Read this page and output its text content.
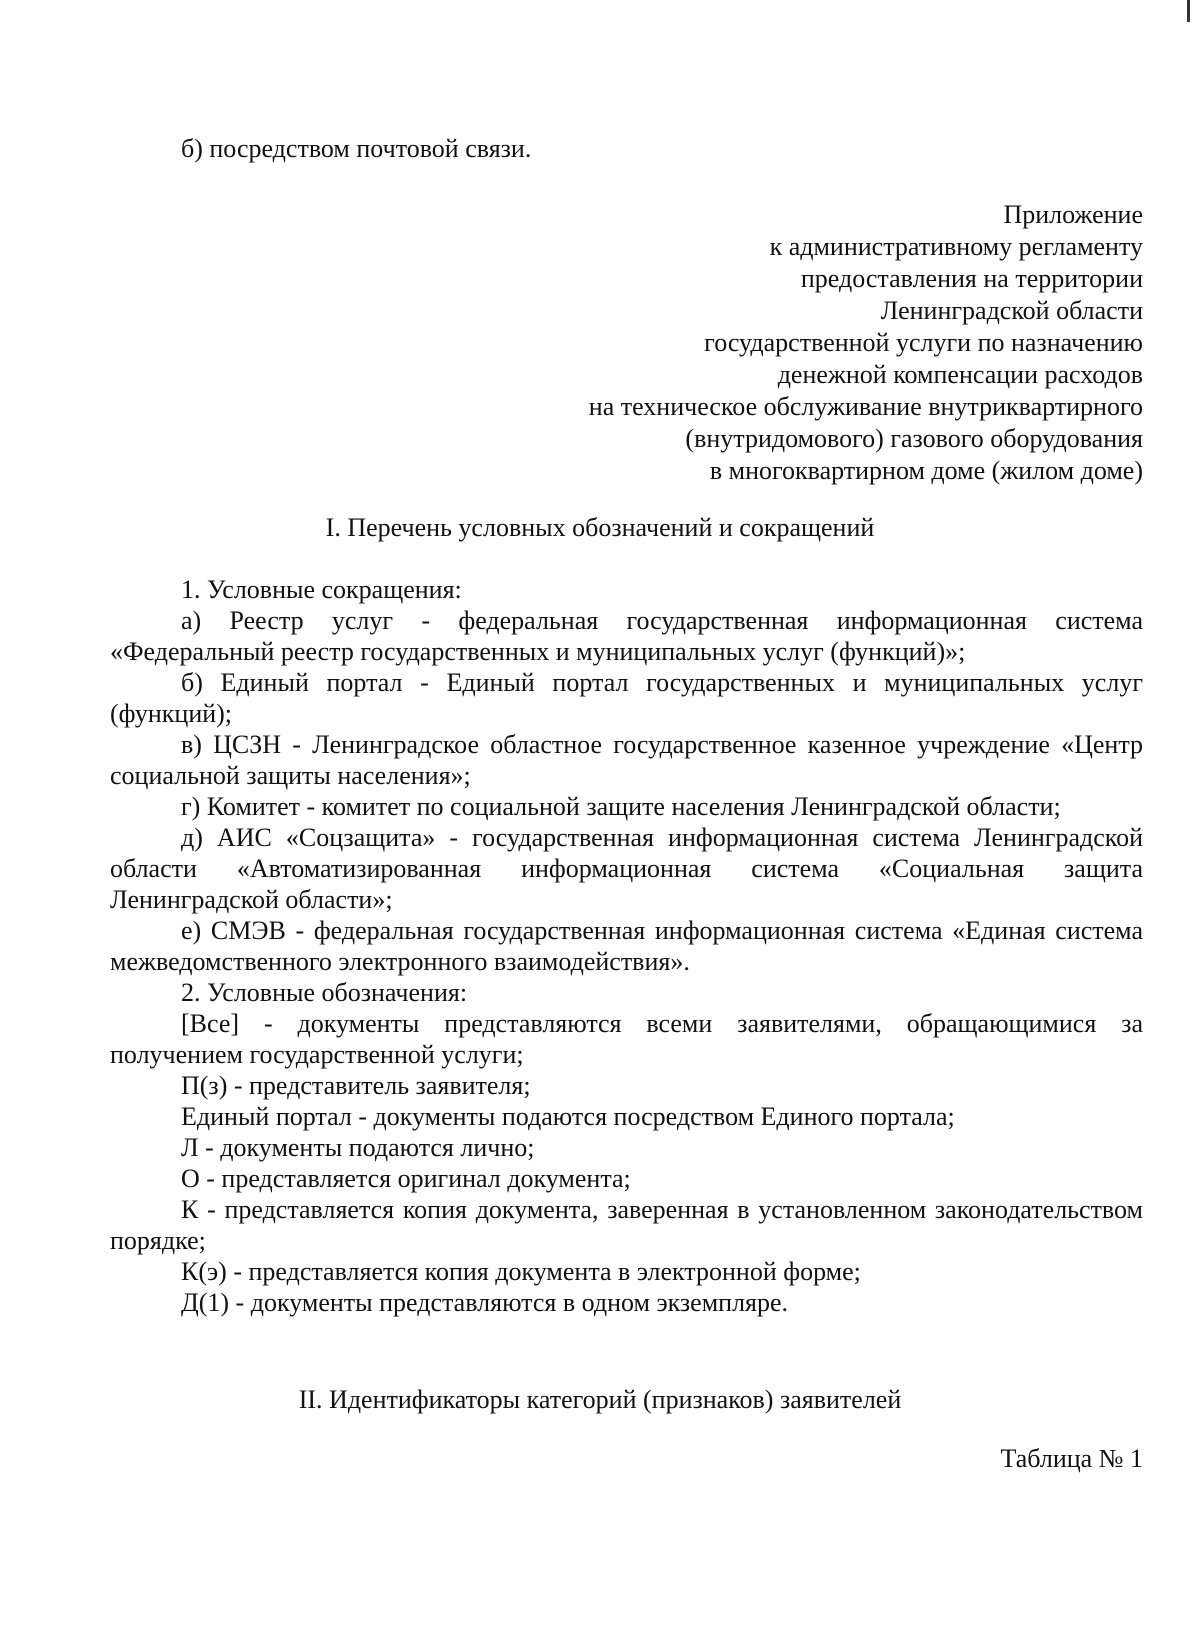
б) посредством почтовой связи.
Приложение
к административному регламенту
предоставления на территории
Ленинградской области
государственной услуги по назначению
денежной компенсации расходов
на техническое обслуживание внутриквартирного
(внутридомового) газового оборудования
в многоквартирном доме (жилом доме)
I. Перечень условных обозначений и сокращений

1. Условные сокращения:

а) Реестр услуг - федеральная государственная информационная система «Федеральный реестр государственных и муниципальных услуг (функций)»;

б) Единый портал - Единый портал государственных и муниципальных услуг (функций);

в) ЦСЗН - Ленинградское областное государственное казенное учреждение «Центр социальной защиты населения»;

г) Комитет - комитет по социальной защите населения Ленинградской области;

д) АИС «Соцзащита» - государственная информационная система Ленинградской области «Автоматизированная информационная система «Социальная защита Ленинградской области»;

е) СМЭВ - федеральная государственная информационная система «Единая система межведомственного электронного взаимодействия».

2. Условные обозначения:

[Все] - документы представляются всеми заявителями, обращающимися за получением государственной услуги;

П(з) - представитель заявителя;

Единый портал - документы подаются посредством Единого портала;

Л - документы подаются лично;

О - представляется оригинал документа;

К - представляется копия документа, заверенная в установленном законодательством порядке;

К(э) - представляется копия документа в электронной форме;

Д(1) - документы представляются в одном экземпляре.

II. Идентификаторы категорий (признаков) заявителей
Таблица № 1
